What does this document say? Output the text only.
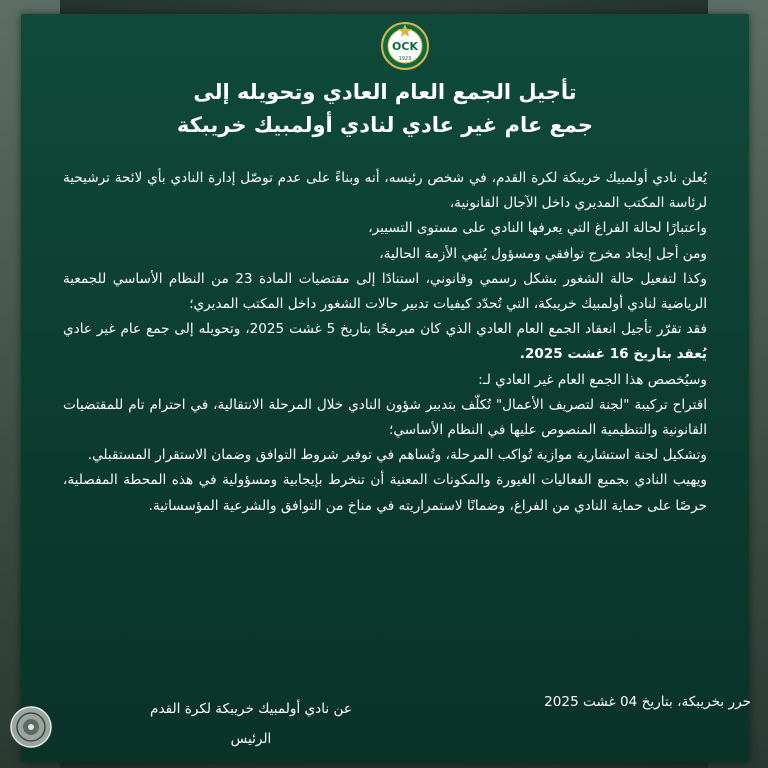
OCK
1923
تأجيل الجمع العام العادي وتحويله إلى
جمع عام غير عادي لنادي أولمبيك خريبكة

يُعلن نادي أولمبيك خريبكة لكرة القدم، في شخص رئيسه، أنه وبناءً على عدم توصّل إدارة النادي بأي لائحة ترشيحية لرئاسة المكتب المديري داخل الآجال القانونية،

واعتبارًا لحالة الفراغ التي يعرفها النادي على مستوى التسيير،

ومن أجل إيجاد مخرج توافقي ومسؤول يُنهي الأزمة الحالية،

وكذا لتفعيل حالة الشغور بشكل رسمي وقانوني، استنادًا إلى مقتضيات المادة 23 من النظام الأساسي للجمعية الرياضية لنادي أولمبيك خريبكة، التي تُحدّد كيفيات تدبير حالات الشغور داخل المكتب المديري؛

فقد تقرّر تأجيل انعقاد الجمع العام العادي الذي كان مبرمجًا بتاريخ 5 غشت 2025، وتحويله إلى جمع عام غير عادي يُعقد بتاريخ 16 غشت 2025.

وسيُخصص هذا الجمع العام غير العادي لـ:

اقتراح تركيبة "لجنة لتصريف الأعمال" تُكلّف بتدبير شؤون النادي خلال المرحلة الانتقالية، في احترام تام للمقتضيات القانونية والتنظيمية المنصوص عليها في النظام الأساسي؛

وتشكيل لجنة استشارية موازية تُواكب المرحلة، وتُساهم في توفير شروط التوافق وضمان الاستقرار المستقبلي.

ويهيب النادي بجميع الفعاليات الغيورة والمكونات المعنية أن تنخرط بإيجابية ومسؤولية في هذه المحطة المفصلية، حرصًا على حماية النادي من الفراغ، وضمانًا لاستمراريته في مناخ من التوافق والشرعية المؤسساتية.

حرر بخريبكة، بتاريخ 04 غشت 2025
عن نادي أولمبيك خريبكة لكرة القدم
الرئيس
